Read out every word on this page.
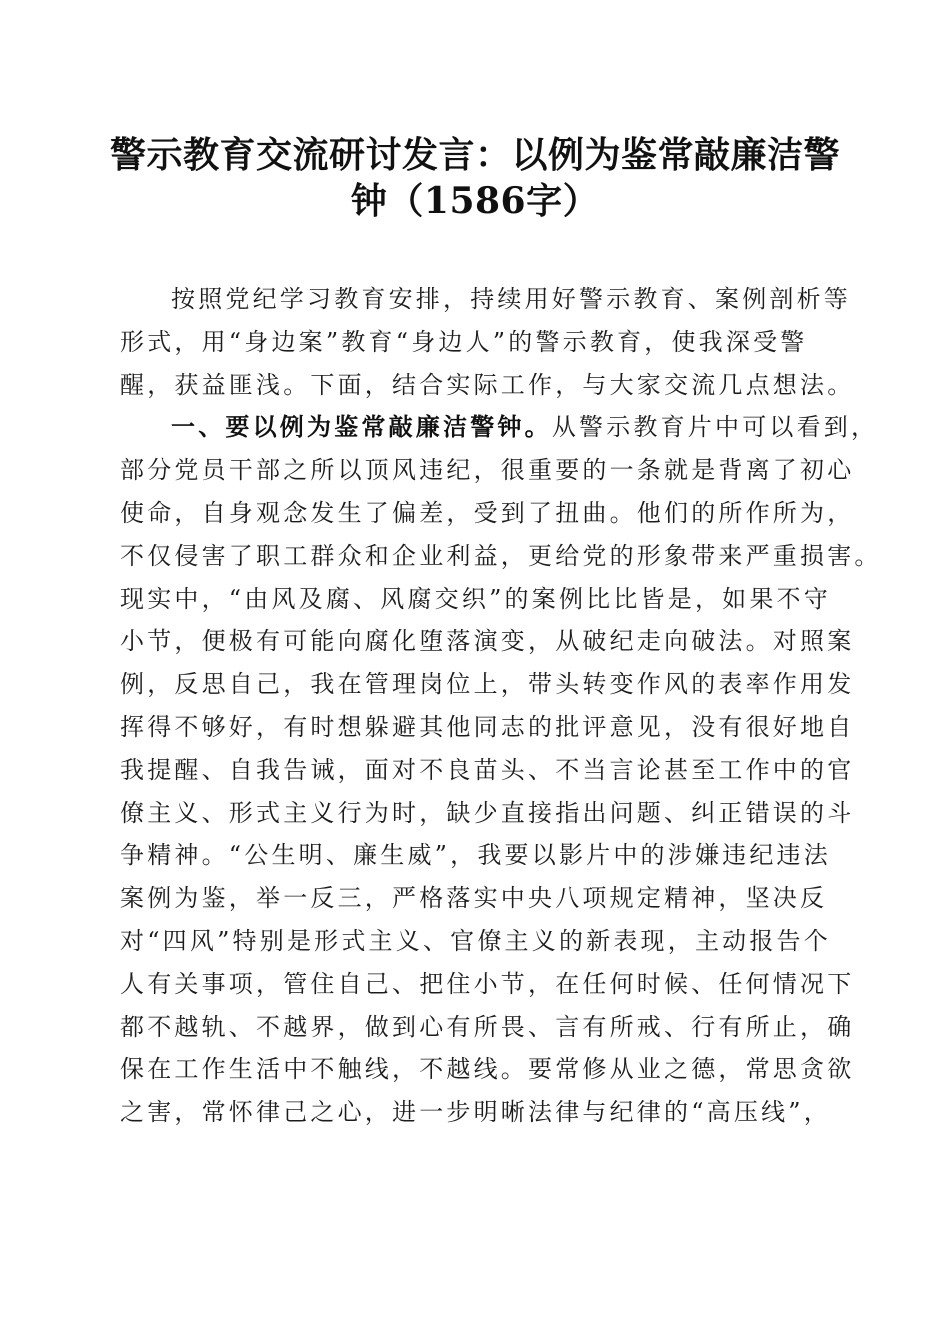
警示教育交流研讨发言：以例为鉴常敲廉洁警
钟（1586字）
按照党纪学习教育安排，持续用好警示教育、案例剖析等
形式，用“身边案”教育“身边人”的警示教育，使我深受警
醒，获益匪浅。下面，结合实际工作，与大家交流几点想法。
一、要以例为鉴常敲廉洁警钟。从警示教育片中可以看到，
部分党员干部之所以顶风违纪，很重要的一条就是背离了初心
使命，自身观念发生了偏差，受到了扭曲。他们的所作所为，
不仅侵害了职工群众和企业利益，更给党的形象带来严重损害。
现实中，“由风及腐、风腐交织”的案例比比皆是，如果不守
小节，便极有可能向腐化堕落演变，从破纪走向破法。对照案
例，反思自己，我在管理岗位上，带头转变作风的表率作用发
挥得不够好，有时想躲避其他同志的批评意见，没有很好地自
我提醒、自我告诫，面对不良苗头、不当言论甚至工作中的官
僚主义、形式主义行为时，缺少直接指出问题、纠正错误的斗
争精神。“公生明、廉生威”，我要以影片中的涉嫌违纪违法
案例为鉴，举一反三，严格落实中央八项规定精神，坚决反
对“四风”特别是形式主义、官僚主义的新表现，主动报告个
人有关事项，管住自己、把住小节，在任何时候、任何情况下
都不越轨、不越界，做到心有所畏、言有所戒、行有所止，确
保在工作生活中不触线，不越线。要常修从业之德，常思贪欲
之害，常怀律己之心，进一步明晰法律与纪律的“高压线”，
